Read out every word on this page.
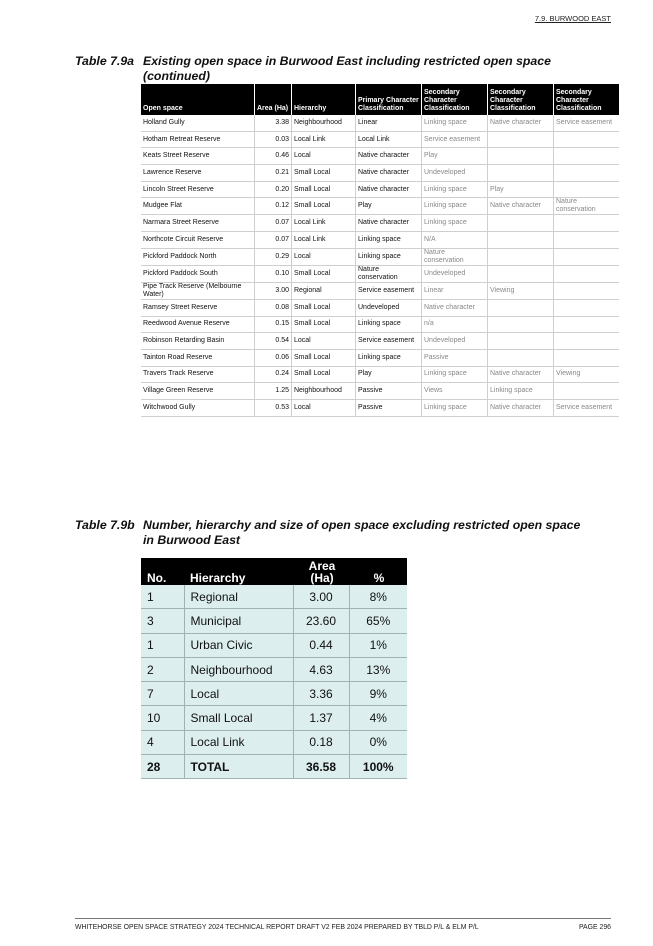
7.9. BURWOOD EAST
Table 7.9a Existing open space in Burwood East including restricted open space (continued)
Open space	Area (Ha)	Hierarchy	Primary Character Classification	Secondary Character Classification	Secondary Character Classification	Secondary Character Classification
Holland Gully	3.38	Neighbourhood	Linear	Linking space	Native character	Service easement
Hotham Retreat Reserve	0.03	Local Link	Local Link	Service easement		
Keats Street Reserve	0.46	Local	Native character	Play		
Lawrence Reserve	0.21	Small Local	Native character	Undeveloped		
Lincoln Street Reserve	0.20	Small Local	Native character	Linking space	Play	
Mudgee Flat	0.12	Small Local	Play	Linking space	Native character	Nature conservation
Narmara Street Reserve	0.07	Local Link	Native character	Linking space		
Northcote Circuit Reserve	0.07	Local Link	Linking space	N/A		
Pickford Paddock North	0.29	Local	Linking space	Nature conservation		
Pickford Paddock South	0.10	Small Local	Nature conservation	Undeveloped		
Pipe Track Reserve (Melbourne Water)	3.00	Regional	Service easement	Linear	Viewing	
Ramsey Street Reserve	0.08	Small Local	Undeveloped	Native character		
Reedwood Avenue Reserve	0.15	Small Local	Linking space	n/a		
Robinson Retarding Basin	0.54	Local	Service easement	Undeveloped		
Tainton Road Reserve	0.06	Small Local	Linking space	Passive		
Travers Track Reserve	0.24	Small Local	Play	Linking space	Native character	Viewing
Village Green Reserve	1.25	Neighbourhood	Passive	Views	Linking space	
Witchwood Gully	0.53	Local	Passive	Linking space	Native character	Service easement
Table 7.9b Number, hierarchy and size of open space excluding restricted open space in Burwood East
No.	Hierarchy	Area (Ha)	%
1	Regional	3.00	8%
3	Municipal	23.60	65%
1	Urban Civic	0.44	1%
2	Neighbourhood	4.63	13%
7	Local	3.36	9%
10	Small Local	1.37	4%
4	Local Link	0.18	0%
28	TOTAL	36.58	100%
WHITEHORSE OPEN SPACE STRATEGY 2024 TECHNICAL REPORT DRAFT V2 FEB 2024 PREPARED BY TBLD P/L & ELM P/L	PAGE 296
